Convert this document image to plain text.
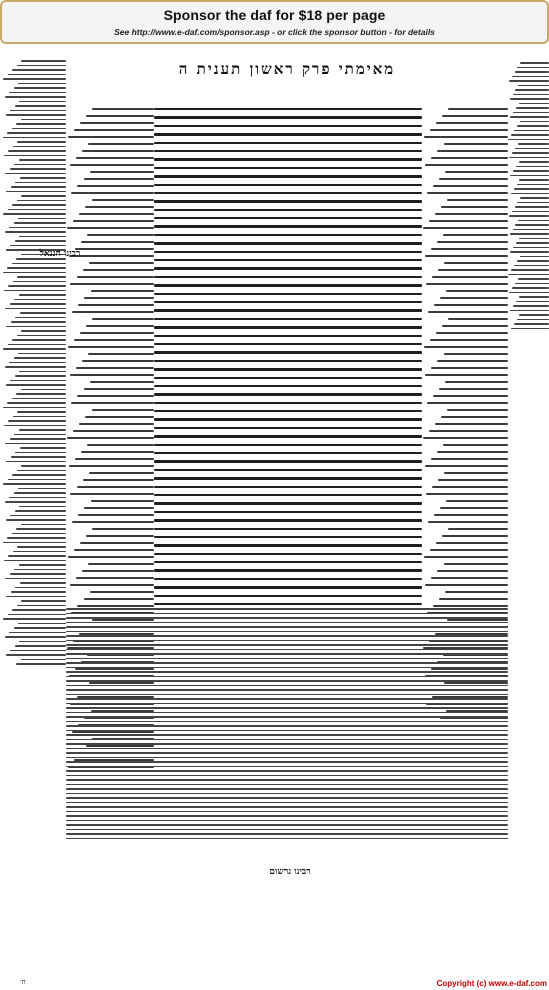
Sponsor the daf for $18 per page
See http://www.e-daf.com/sponsor.asp - or click the sponsor button - for details
מאימתי פרק ראשון תענית ה
רבינו חננאל
רבינו גרשום
ה׳	Copyright (c) www.e-daf.com
